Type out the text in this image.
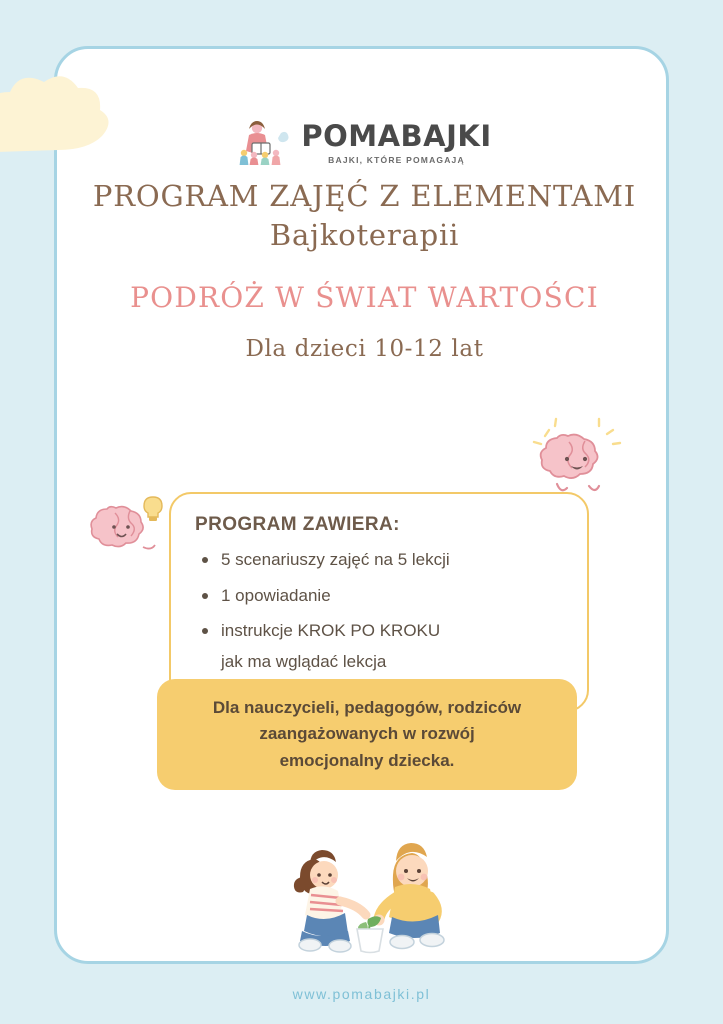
POMABAJKI
BAJKI, KTÓRE POMAGAJĄ
PROGRAM ZAJĘĆ Z ELEMENTAMI
Bajkoterapii
PODRÓŻ W ŚWIAT WARTOŚCI
Dla dzieci 10-12 lat
PROGRAM ZAWIERA:
5 scenariuszy zajęć na 5 lekcji
1 opowiadanie
instrukcje KROK PO KROKU
jak ma wglądać lekcja
Dla nauczycieli, pedagogów, rodziców
zaangażowanych w rozwój
emocjonalny dziecka.
www.pomabajki.pl
